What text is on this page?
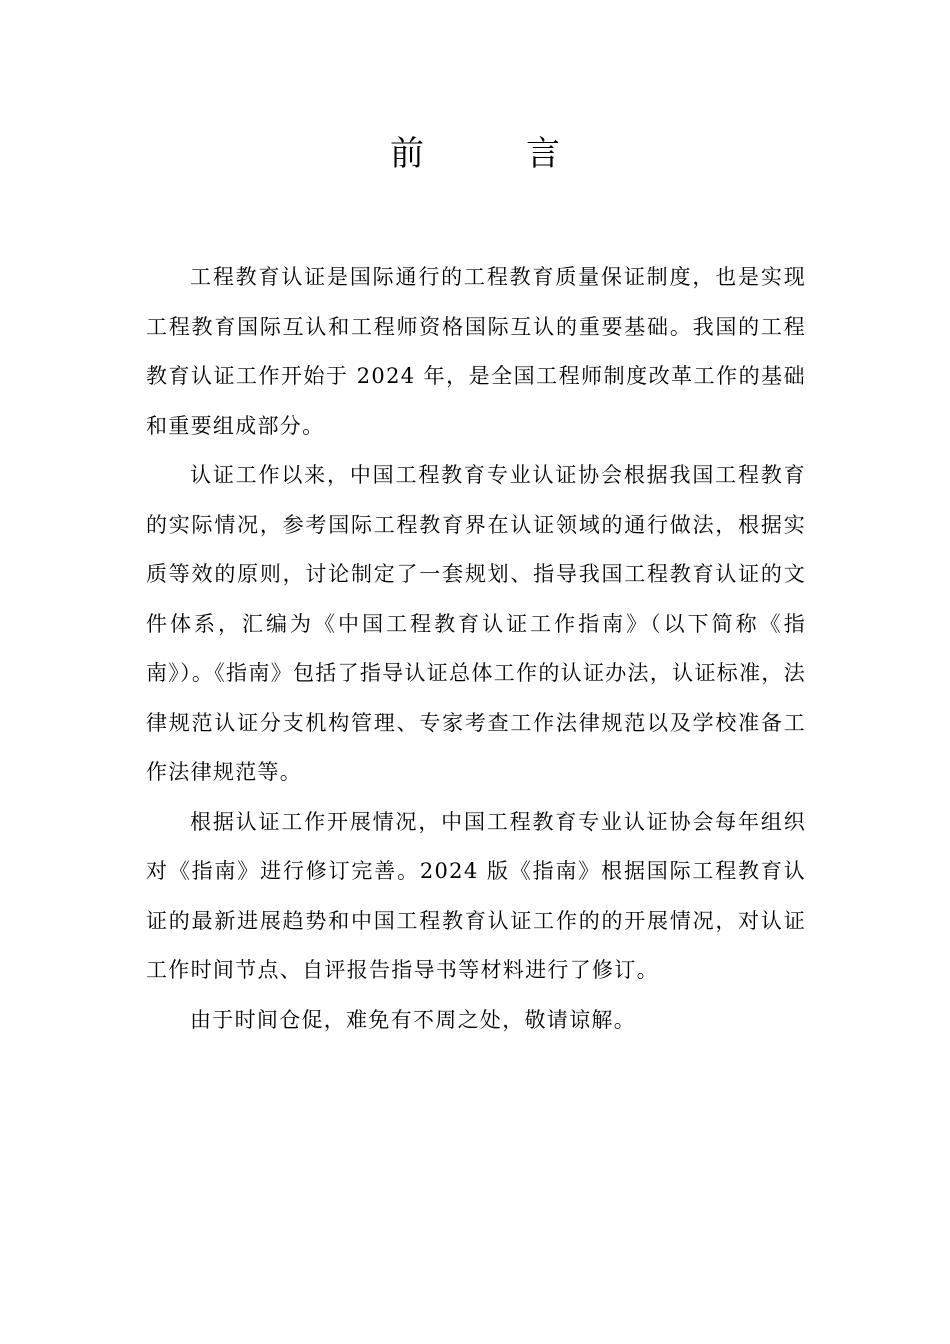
前　言

工程教育认证是国际通行的工程教育质量保证制度，也是实现工程教育国际互认和工程师资格国际互认的重要基础。我国的工程教育认证工作开始于 2024 年，是全国工程师制度改革工作的基础和重要组成部分。

认证工作以来，中国工程教育专业认证协会根据我国工程教育的实际情况，参考国际工程教育界在认证领域的通行做法，根据实质等效的原则，讨论制定了一套规划、指导我国工程教育认证的文件体系，汇编为《中国工程教育认证工作指南》（以下简称《指南》）。《指南》包括了指导认证总体工作的认证办法，认证标准，法律规范认证分支机构管理、专家考查工作法律规范以及学校准备工作法律规范等。

根据认证工作开展情况，中国工程教育专业认证协会每年组织对《指南》进行修订完善。2024 版《指南》根据国际工程教育认证的最新进展趋势和中国工程教育认证工作的的开展情况，对认证工作时间节点、自评报告指导书等材料进行了修订。

由于时间仓促，难免有不周之处，敬请谅解。
